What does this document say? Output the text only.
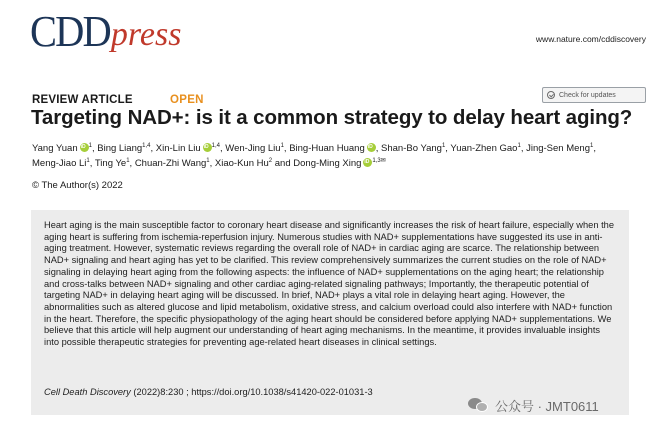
CDD press	www.nature.com/cddiscovery
REVIEW ARTICLE	OPEN	Check for updates
Targeting NAD+: is it a common strategy to delay heart aging?
Yang Yuan iD $^1$, Bing Liang$^{1,4}$, Xin-Lin Liu iD $^{1,4}$, Wen-Jing Liu$^1$, Bing-Huan Huang iD , Shan-Bo Yang$^1$, Yuan-Zhen Gao$^1$, Jing-Sen Meng$^1$, Meng-Jiao Li$^1$, Ting Ye$^1$, Chuan-Zhi Wang$^1$, Xiao-Kun Hu$^2$ and Dong-Ming Xing iD $^{1,3✉}$
© The Author(s) 2022

Heart aging is the main susceptible factor to coronary heart disease and significantly increases the risk of heart failure, especially when the aging heart is suffering from ischemia-reperfusion injury. Numerous studies with NAD+ supplementations have suggested its use in anti-aging treatment. However, systematic reviews regarding the overall role of NAD+ in cardiac aging are scarce. The relationship between NAD+ signaling and heart aging has yet to be clarified. This review comprehensively summarizes the current studies on the role of NAD+ signaling in delaying heart aging from the following aspects: the influence of NAD+ supplementations on the aging heart; the relationship and cross-talks between NAD+ signaling and other cardiac aging-related signaling pathways; Importantly, the therapeutic potential of targeting NAD+ in delaying heart aging will be discussed. In brief, NAD+ plays a vital role in delaying heart aging. However, the abnormalities such as altered glucose and lipid metabolism, oxidative stress, and calcium overload could also interfere with NAD+ function in the heart. Therefore, the specific physiopathology of the aging heart should be considered before applying NAD+ supplementations. We believe that this article will help augment our understanding of heart aging mechanisms. In the meantime, it provides invaluable insights into possible therapeutic strategies for preventing age-related heart diseases in clinical settings.

Cell Death Discovery (2022)8:230 ; https://doi.org/10.1038/s41420-022-01031-3
公众号 · JMT0611
